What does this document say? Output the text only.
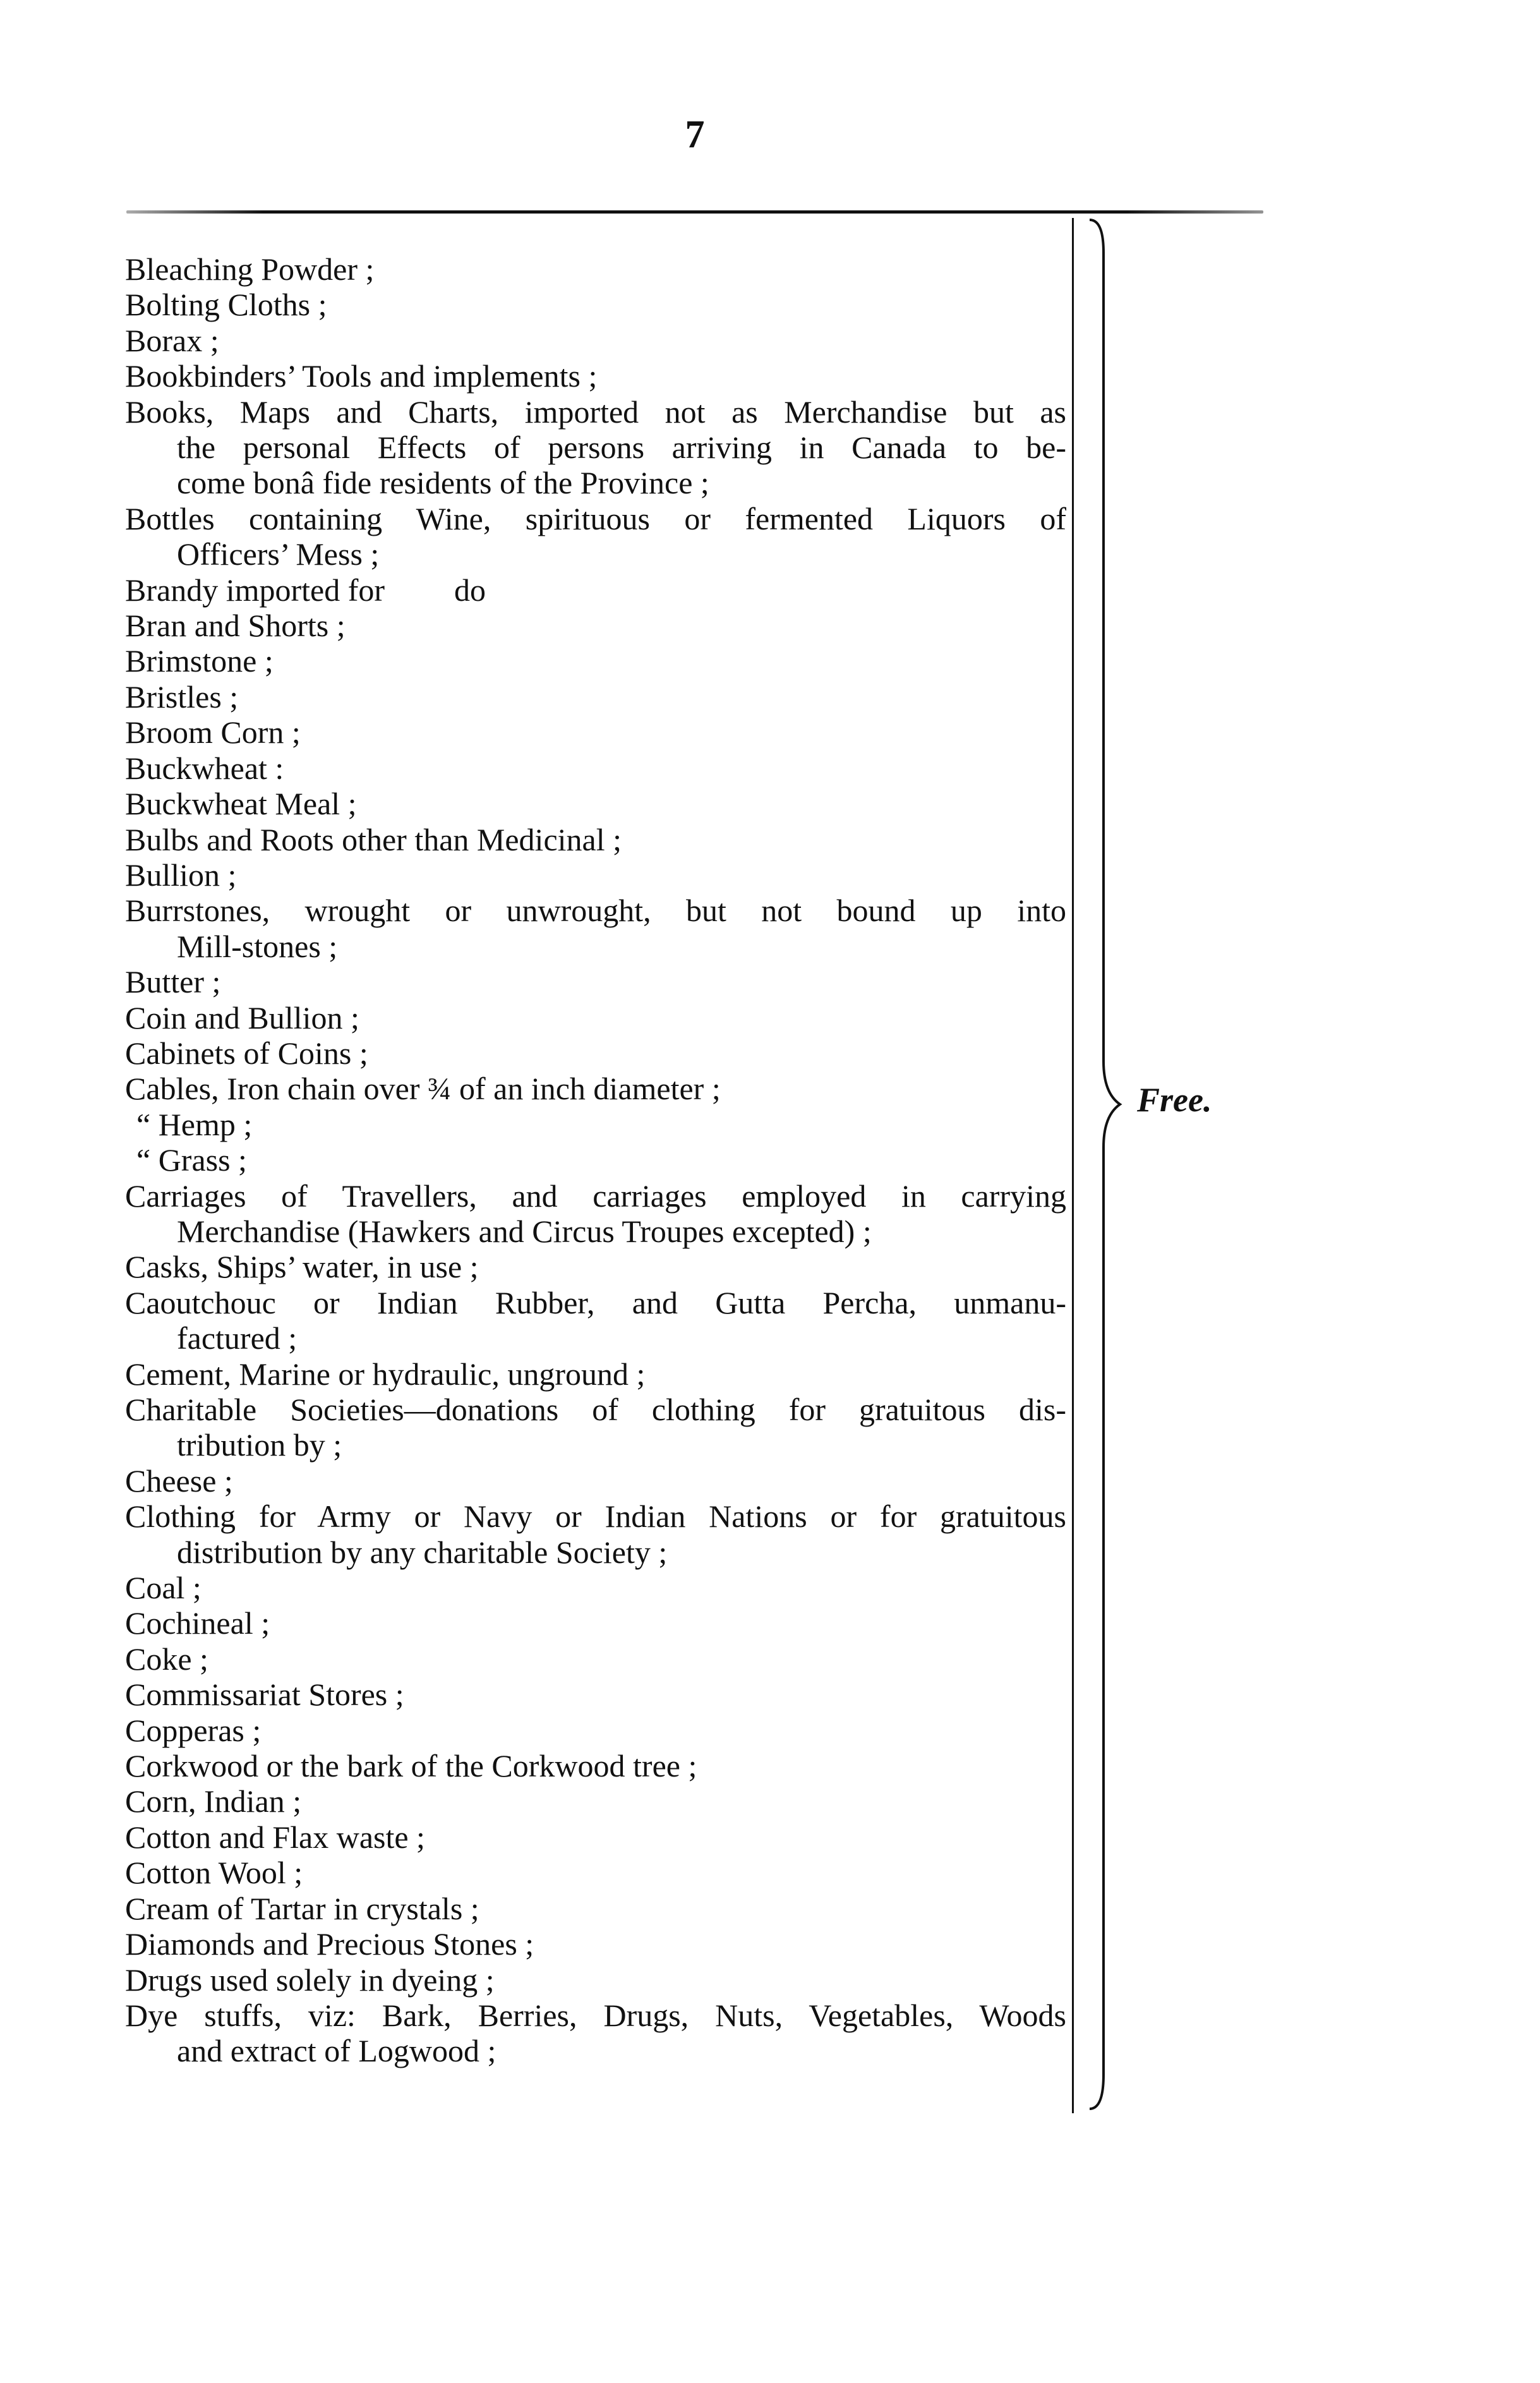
7
Bleaching Powder ;
Bolting Cloths ;
Borax ;
Bookbinders’ Tools and implements ;
Books, Maps and Charts, imported not as Merchandise but as
the personal Effects of persons arriving in Canada to be-
come bonâ fide residents of the Province ;
Bottles containing Wine, spirituous or fermented Liquors of
Officers’ Mess ;
Brandy imported for do
Bran and Shorts ;
Brimstone ;
Bristles ;
Broom Corn ;
Buckwheat :
Buckwheat Meal ;
Bulbs and Roots other than Medicinal ;
Bullion ;
Burrstones, wrought or unwrought, but not bound up into
Mill-stones ;
Butter ;
Coin and Bullion ;
Cabinets of Coins ;
Cables, Iron chain over ¾ of an inch diameter ;
“ Hemp ;
“ Grass ;
Carriages of Travellers, and carriages employed in carrying
Merchandise (Hawkers and Circus Troupes excepted) ;
Casks, Ships’ water, in use ;
Caoutchouc or Indian Rubber, and Gutta Percha, unmanu-
factured ;
Cement, Marine or hydraulic, unground ;
Charitable Societies—donations of clothing for gratuitous dis-
tribution by ;
Cheese ;
Clothing for Army or Navy or Indian Nations or for gratuitous
distribution by any charitable Society ;
Coal ;
Cochineal ;
Coke ;
Commissariat Stores ;
Copperas ;
Corkwood or the bark of the Corkwood tree ;
Corn, Indian ;
Cotton and Flax waste ;
Cotton Wool ;
Cream of Tartar in crystals ;
Diamonds and Precious Stones ;
Drugs used solely in dyeing ;
Dye stuffs, viz: Bark, Berries, Drugs, Nuts, Vegetables, Woods
and extract of Logwood ;
Free.
